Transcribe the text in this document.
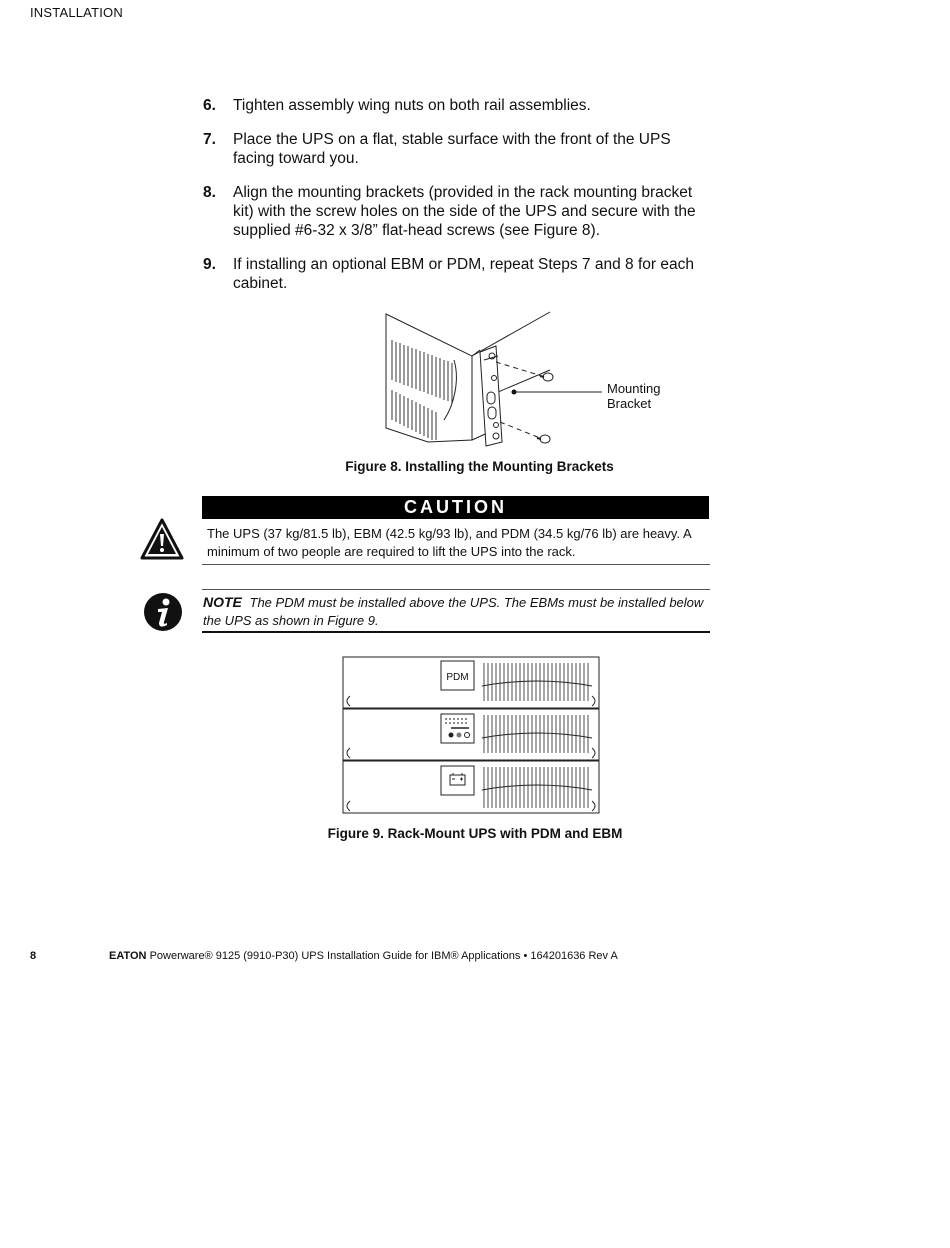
INSTALLATION
6.	Tighten assembly wing nuts on both rail assemblies.
7.	Place the UPS on a flat, stable surface with the front of the UPS facing toward you.
8.	Align the mounting brackets (provided in the rack mounting bracket kit) with the screw holes on the side of the UPS and secure with the supplied #6-32 x 3/8” flat-head screws (see Figure 8).
9.	If installing an optional EBM or PDM, repeat Steps 7 and 8 for each cabinet.
Mounting
Bracket
Figure 8. Installing the Mounting Brackets
CAUTION
The UPS (37 kg/81.5 lb), EBM (42.5 kg/93 lb), and PDM (34.5 kg/76 lb) are heavy. A minimum of two people are required to lift the UPS into the rack.
NOTE The PDM must be installed above the UPS. The EBMs must be installed below the UPS as shown in Figure 9.
PDM
Figure 9. Rack-Mount UPS with PDM and EBM
8	EATON Powerware® 9125 (9910-P30) UPS Installation Guide for IBM® Applications • 164201636 Rev A
